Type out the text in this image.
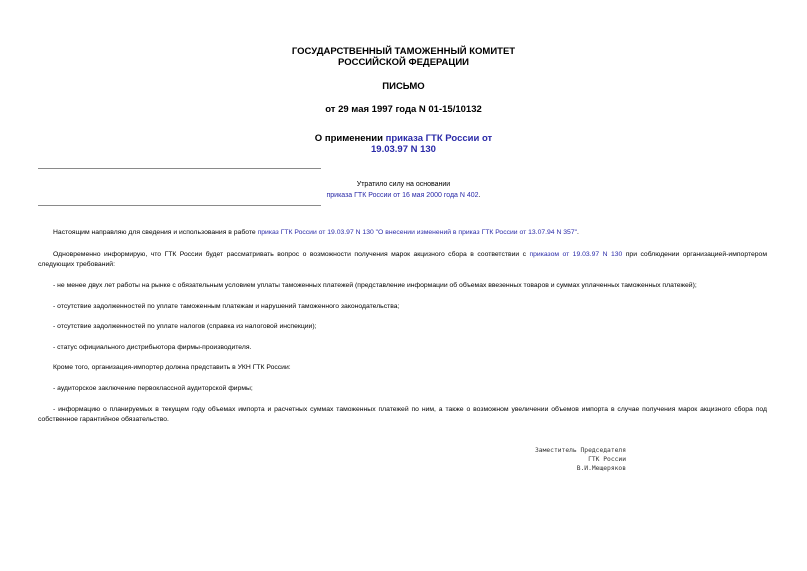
ГОСУДАРСТВЕННЫЙ ТАМОЖЕННЫЙ КОМИТЕТ
РОССИЙСКОЙ ФЕДЕРАЦИИ
ПИСЬМО
от 29 мая 1997 года N 01-15/10132
О применении приказа ГТК России от
19.03.97 N 130
Утратило силу на основании
приказа ГТК России от 16 мая 2000 года N 402.
Настоящим направляю для сведения и использования в работе приказ ГТК России от 19.03.97 N 130 "О внесении изменений в приказ ГТК России от 13.07.94 N 357".
Одновременно информирую, что ГТК России будет рассматривать вопрос о возможности получения марок акцизного сбора в соответствии с приказом от 19.03.97 N 130 при соблюдении организацией-импортером следующих требований:
- не менее двух лет работы на рынке с обязательным условием уплаты таможенных платежей (представление информации об объемах ввезенных товаров и суммах уплаченных таможенных платежей);
- отсутствие задолженностей по уплате таможенным платежам и нарушений таможенного законодательства;
- отсутствие задолженностей по уплате налогов (справка из налоговой инспекции);
- статус официального дистрибьютора фирмы-производителя.
Кроме того, организация-импортер должна представить в УКН ГТК России:
- аудиторское заключение первоклассной аудиторской фирмы;
- информацию о планируемых в текущем году объемах импорта и расчетных суммах таможенных платежей по ним, а также о возможном увеличении объемов импорта в случае получения марок акцизного сбора под собственное гарантийное обязательство.
Заместитель Председателя
ГТК России
В.И.Мещеряков
